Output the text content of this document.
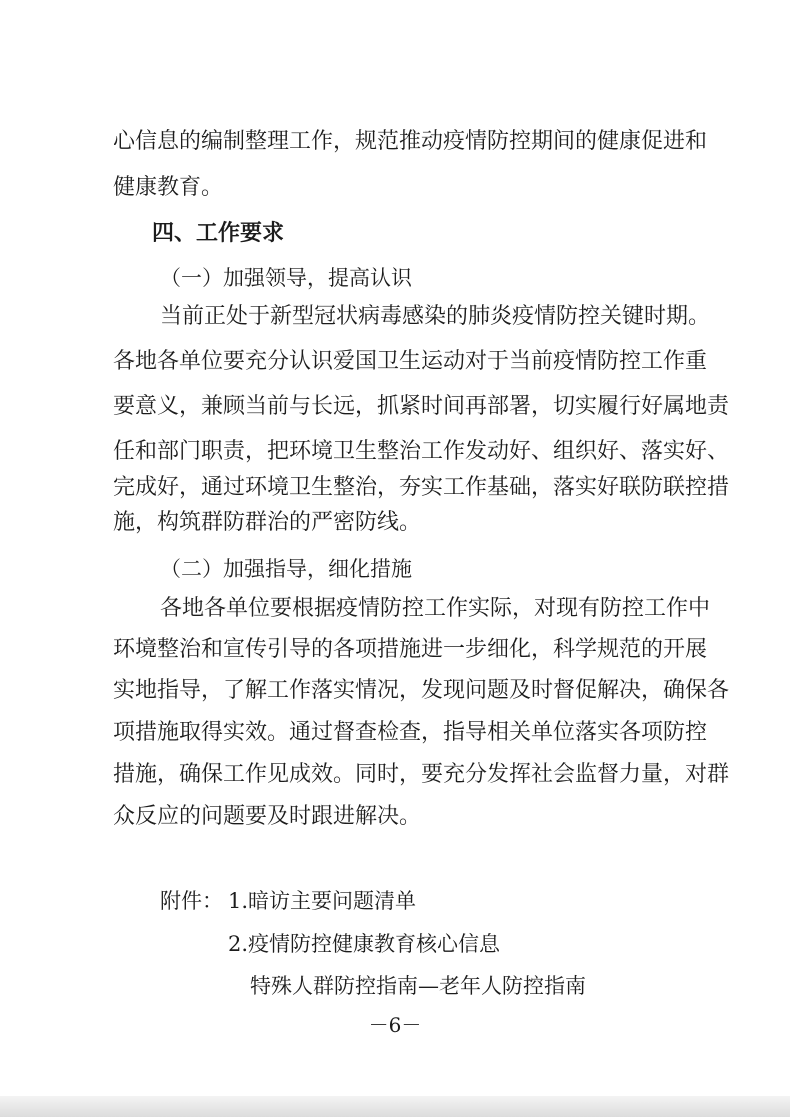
心信息的编制整理工作，规范推动疫情防控期间的健康促进和
健康教育。
四、工作要求
（一）加强领导，提高认识
当前正处于新型冠状病毒感染的肺炎疫情防控关键时期。
各地各单位要充分认识爱国卫生运动对于当前疫情防控工作重
要意义，兼顾当前与长远，抓紧时间再部署，切实履行好属地责
任和部门职责，把环境卫生整治工作发动好、组织好、落实好、
完成好，通过环境卫生整治，夯实工作基础，落实好联防联控措
施，构筑群防群治的严密防线。
（二）加强指导，细化措施
各地各单位要根据疫情防控工作实际，对现有防控工作中
环境整治和宣传引导的各项措施进一步细化，科学规范的开展
实地指导，了解工作落实情况，发现问题及时督促解决，确保各
项措施取得实效。通过督查检查，指导相关单位落实各项防控
措施，确保工作见成效。同时，要充分发挥社会监督力量，对群
众反应的问题要及时跟进解决。
附件： 1.暗访主要问题清单
2.疫情防控健康教育核心信息
特殊人群防控指南—老年人防控指南
－6－
